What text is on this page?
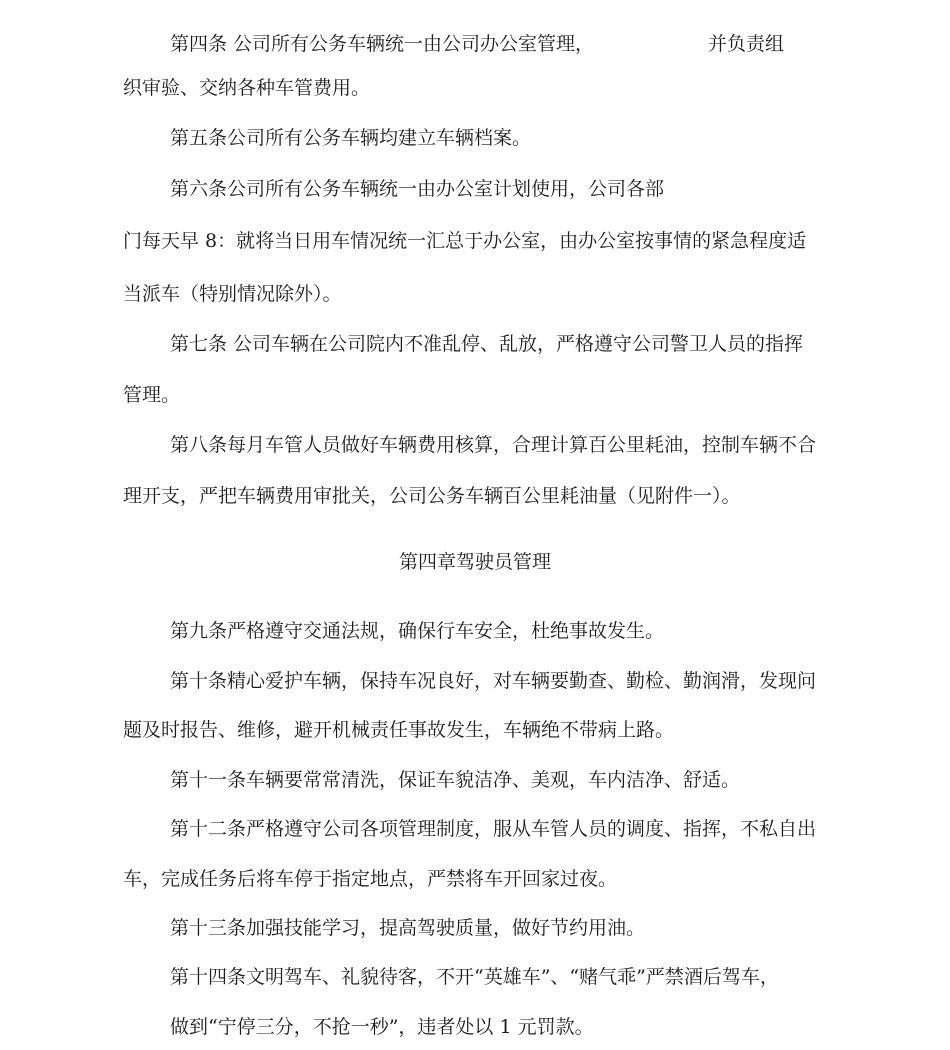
第四条 公司所有公务车辆统一由公司办公室管理，	并负责组
织审验、交纳各种车管费用。
第五条公司所有公务车辆均建立车辆档案。
第六条公司所有公务车辆统一由办公室计划使用，公司各部
门每天早 8：就将当日用车情况统一汇总于办公室，由办公室按事情的紧急程度适
当派车（特别情况除外）。
第七条 公司车辆在公司院内不准乱停、乱放，严格遵守公司警卫人员的指挥
管理。
第八条每月车管人员做好车辆费用核算，合理计算百公里耗油，控制车辆不合
理开支，严把车辆费用审批关，公司公务车辆百公里耗油量（见附件一）。
第四章驾驶员管理
第九条严格遵守交通法规，确保行车安全，杜绝事故发生。
第十条精心爱护车辆，保持车况良好，对车辆要勤查、勤检、勤润滑，发现问
题及时报告、维修，避开机械责任事故发生，车辆绝不带病上路。
第十一条车辆要常常清洗，保证车貌洁净、美观，车内洁净、舒适。
第十二条严格遵守公司各项管理制度，服从车管人员的调度、指挥，不私自出
车，完成任务后将车停于指定地点，严禁将车开回家过夜。
第十三条加强技能学习，提高驾驶质量，做好节约用油。
第十四条文明驾车、礼貌待客，不开“英雄车”、“赌气乖”严禁酒后驾车，
做到“宁停三分，不抢一秒”，违者处以 1 元罚款。
